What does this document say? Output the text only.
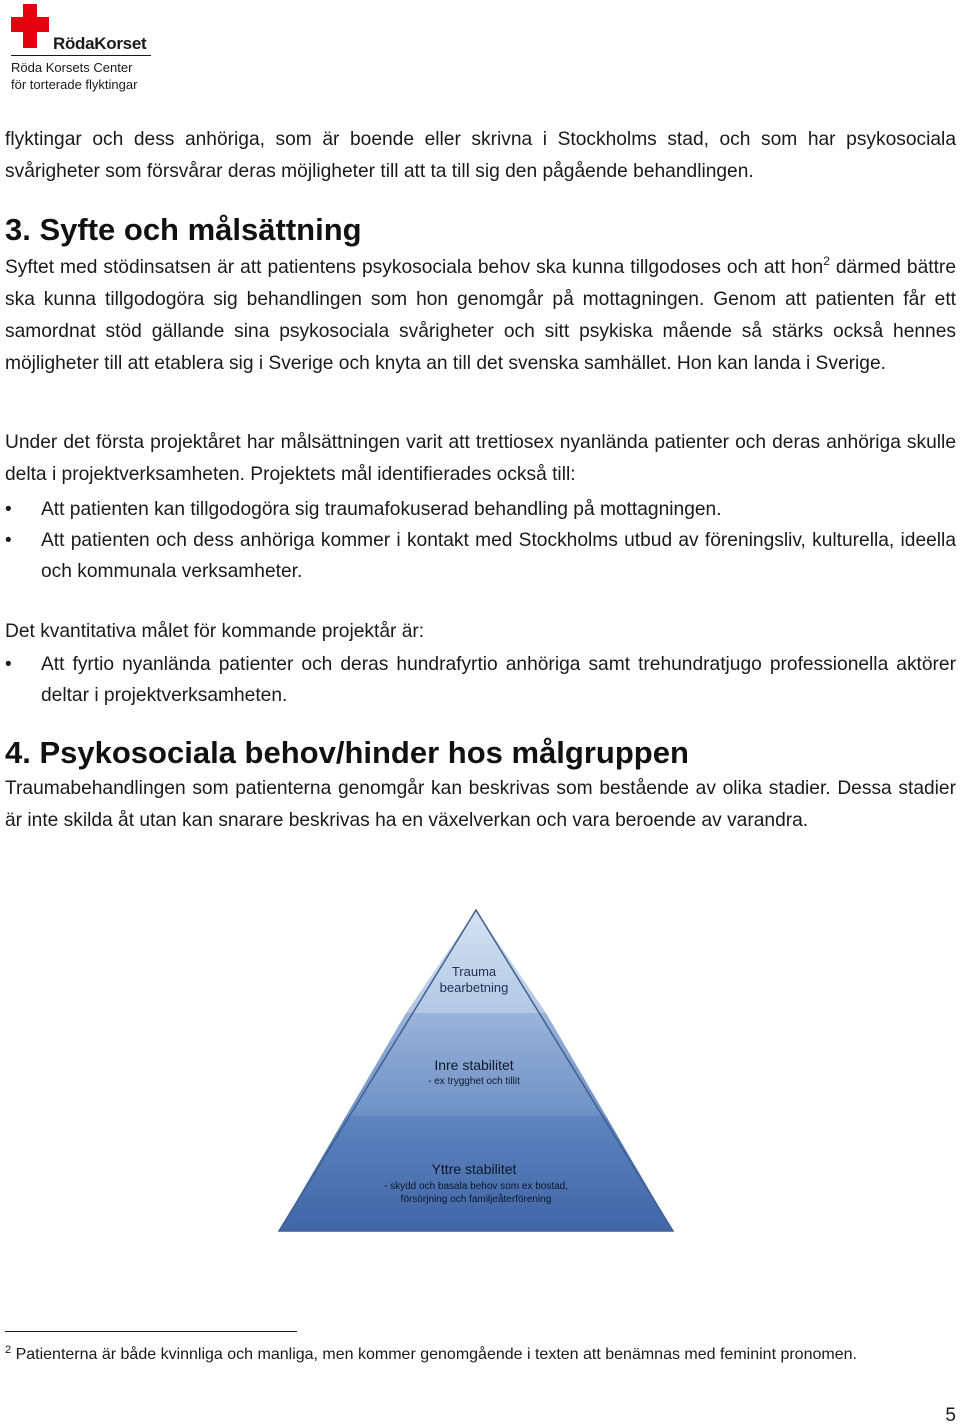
RödaKorset
Röda Korsets Center
för torterade flyktingar

flyktingar och dess anhöriga, som är boende eller skrivna i Stockholms stad, och som har psykosociala svårigheter som försvårar deras möjligheter till att ta till sig den pågående behandlingen.

3. Syfte och målsättning

Syftet med stödinsatsen är att patientens psykosociala behov ska kunna tillgodoses och att hon$^2$ därmed bättre ska kunna tillgodogöra sig behandlingen som hon genomgår på mottagningen. Genom att patienten får ett samordnat stöd gällande sina psykosociala svårigheter och sitt psykiska mående så stärks också hennes möjligheter till att etablera sig i Sverige och knyta an till det svenska samhället. Hon kan landa i Sverige.

Under det första projektåret har målsättningen varit att trettiosex nyanlända patienter och deras anhöriga skulle delta i projektverksamheten. Projektets mål identifierades också till:

• Att patienten kan tillgodogöra sig traumafokuserad behandling på mottagningen.

• Att patienten och dess anhöriga kommer i kontakt med Stockholms utbud av föreningsliv, kulturella, ideella och kommunala verksamheter.

Det kvantitativa målet för kommande projektår är:

• Att fyrtio nyanlända patienter och deras hundrafyrtio anhöriga samt trehundratjugo professionella aktörer deltar i projektverksamheten.

4. Psykosociala behov/hinder hos målgruppen

Traumabehandlingen som patienterna genomgår kan beskrivas som bestående av olika stadier. Dessa stadier är inte skilda åt utan kan snarare beskrivas ha en växelverkan och vara beroende av varandra.

Trauma
bearbetning
Inre stabilitet
- ex trygghet och tillit
Yttre stabilitet
- skydd och basala behov som ex bostad,
försörjning och familjeåterförening

$^2$ Patienterna är både kvinnliga och manliga, men kommer genomgående i texten att benämnas med feminint pronomen.

5
